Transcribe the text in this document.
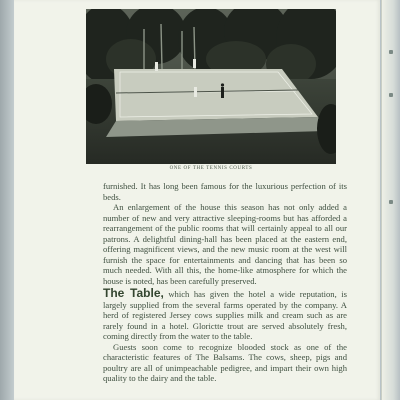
ONE OF THE TENNIS COURTS

furnished. It has long been famous for the luxurious perfection of its beds.

An enlargement of the house this season has not only added a number of new and very attractive sleeping-rooms but has afforded a rearrangement of the public rooms that will certainly appeal to all our patrons. A delightful dining-hall has been placed at the eastern end, offering magnificent views, and the new music room at the west will furnish the space for entertainments and dancing that has been so much needed. With all this, the home-like atmosphere for which the house is noted, has been carefully preserved.

The Table, which has given the hotel a wide reputation, is largely supplied from the several farms operated by the company. A herd of registered Jersey cows supplies milk and cream such as are rarely found in a hotel. Glorictte trout are served absolutely fresh, coming directly from the water to the table.

Guests soon come to recognize blooded stock as one of the characteristic features of The Balsams. The cows, sheep, pigs and poultry are all of unimpeachable pedigree, and impart their own high quality to the dairy and the table.
